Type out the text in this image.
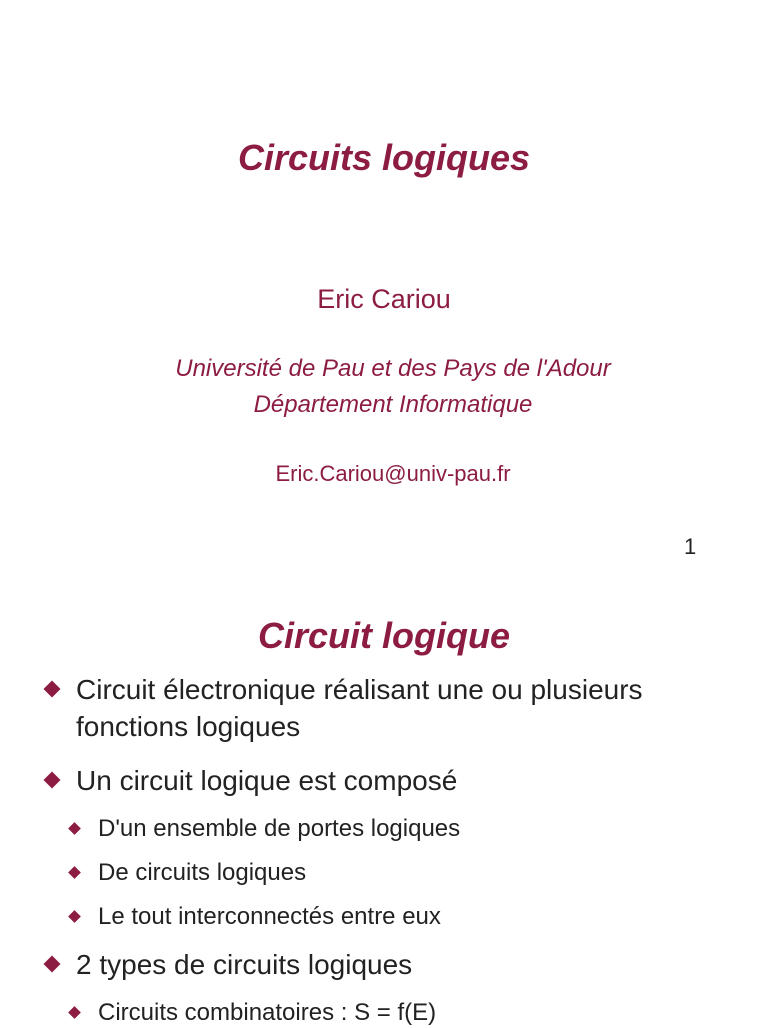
Circuits logiques
Eric Cariou
Université de Pau et des Pays de l'Adour
Département Informatique
Eric.Cariou@univ-pau.fr
1
Circuit logique
Circuit électronique réalisant une ou plusieurs fonctions logiques
Un circuit logique est composé
D'un ensemble de portes logiques
De circuits logiques
Le tout interconnectés entre eux
2 types de circuits logiques
Circuits combinatoires : S = f(E)
